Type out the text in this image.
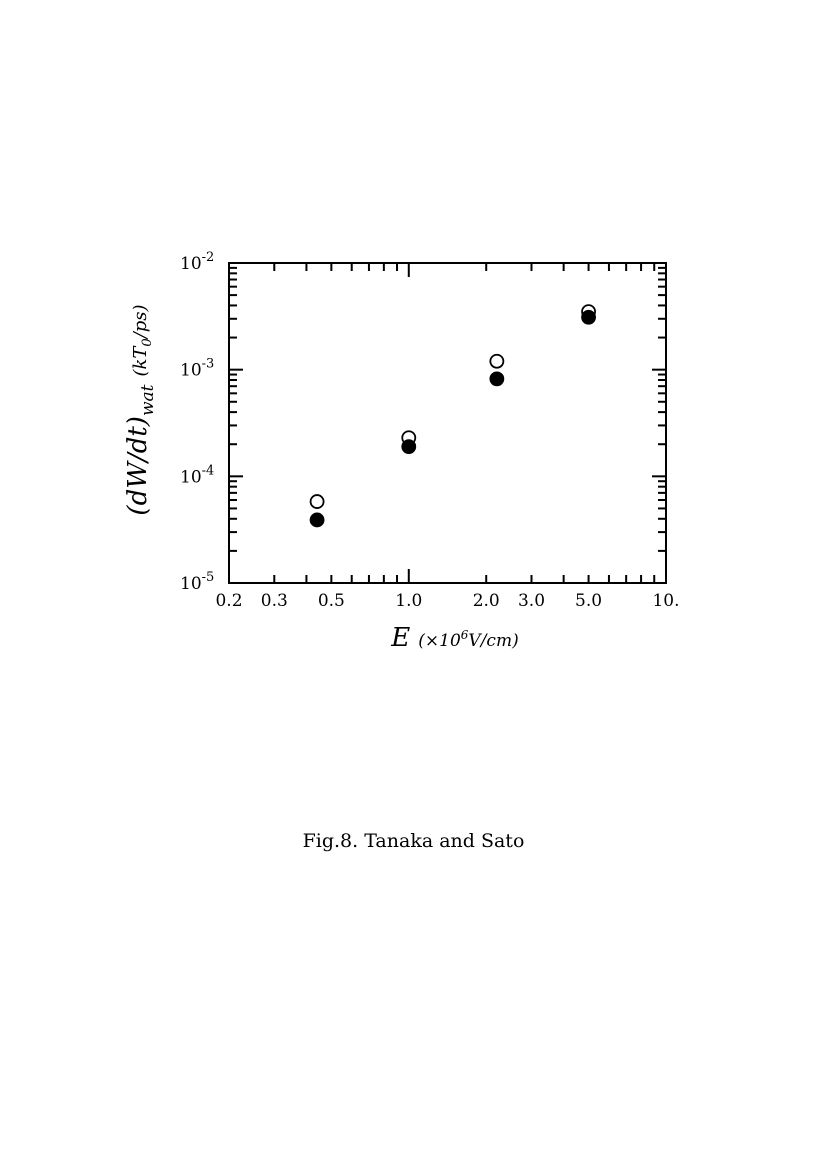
0.2 0.3 0.5	1.0	2.0 3.0 5.0	10.
$10^{-5}$
$10^{-4}$
$10^{-3}$
$10^{-2}$
$(dW/dt)wat(kT_0/ps)$
E $(\times 10^6V/cm)$
Fig.8. Tanaka and Sato
